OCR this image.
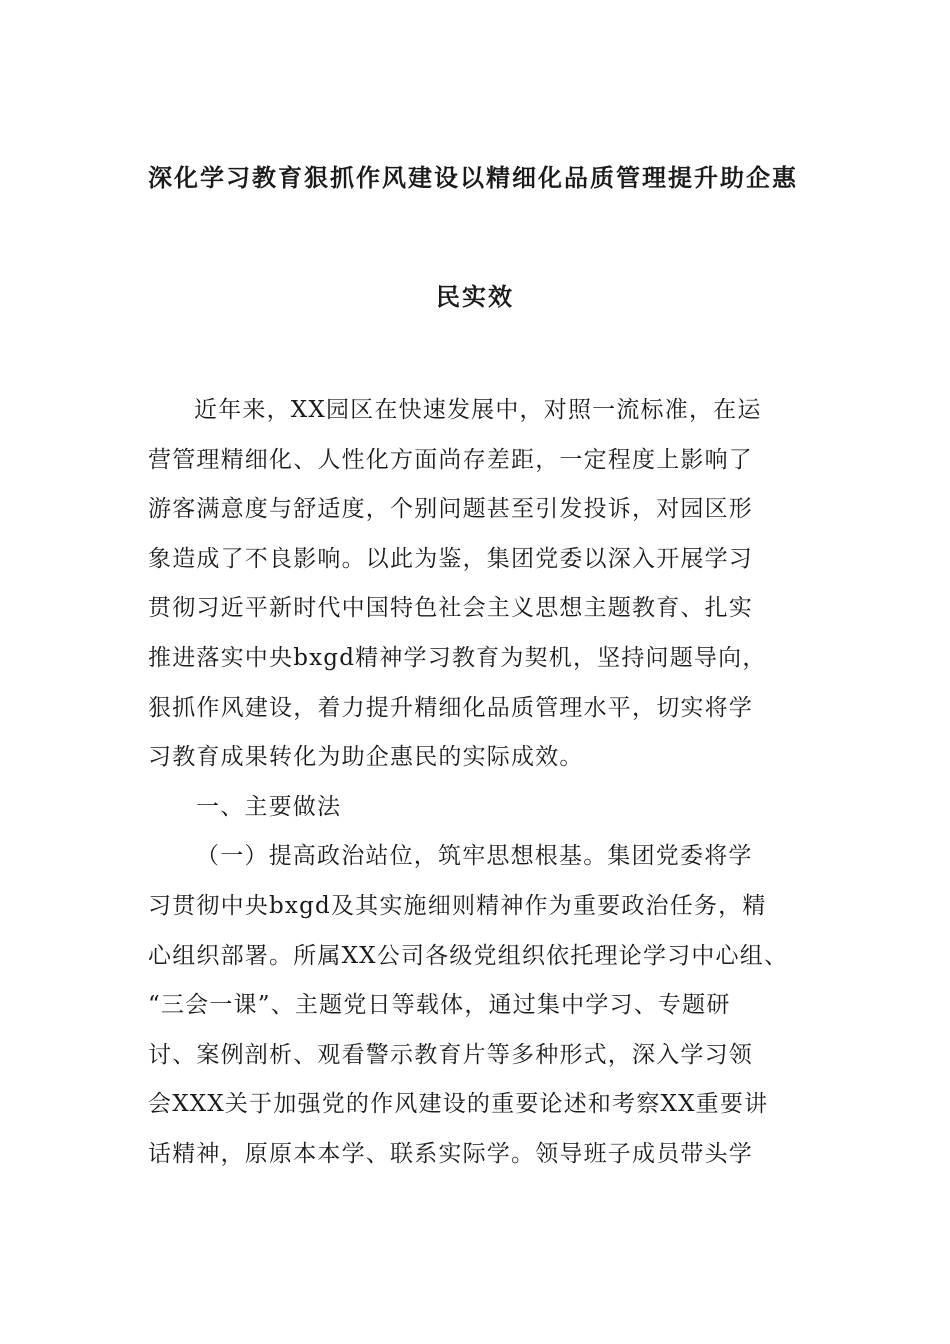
深化学习教育狠抓作风建设以精细化品质管理提升助企惠
民实效
近年来，XX园区在快速发展中，对照一流标准，在运
营管理精细化、人性化方面尚存差距，一定程度上影响了
游客满意度与舒适度，个别问题甚至引发投诉，对园区形
象造成了不良影响。以此为鉴，集团党委以深入开展学习
贯彻习近平新时代中国特色社会主义思想主题教育、扎实
推进落实中央bxgd精神学习教育为契机，坚持问题导向，
狠抓作风建设，着力提升精细化品质管理水平，切实将学
习教育成果转化为助企惠民的实际成效。
一、主要做法
（一）提高政治站位，筑牢思想根基。集团党委将学
习贯彻中央bxgd及其实施细则精神作为重要政治任务，精
心组织部署。所属XX公司各级党组织依托理论学习中心组、
“三会一课”、主题党日等载体，通过集中学习、专题研
讨、案例剖析、观看警示教育片等多种形式，深入学习领
会XXX关于加强党的作风建设的重要论述和考察XX重要讲
话精神，原原本本学、联系实际学。领导班子成员带头学
